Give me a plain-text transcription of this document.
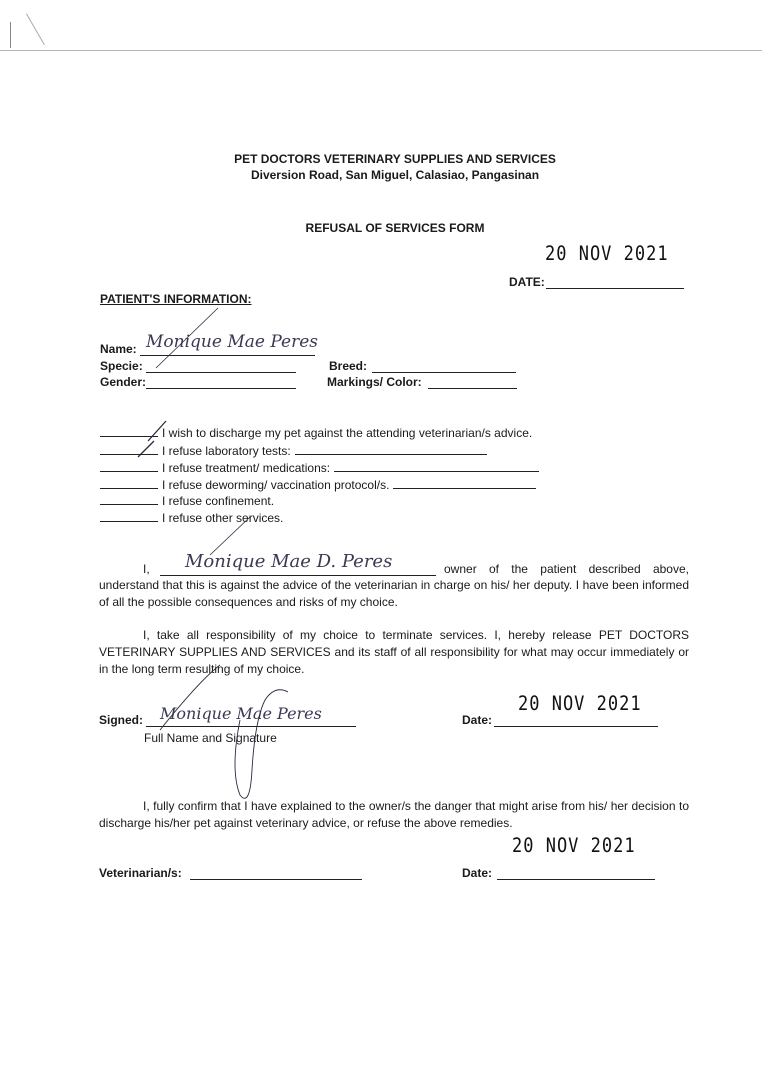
PET DOCTORS VETERINARY SUPPLIES AND SERVICES
Diversion Road, San Miguel, Calasiao, Pangasinan
REFUSAL OF SERVICES FORM
20 NOV 2021
DATE:
PATIENT'S INFORMATION:
Name: Monique Mae Peres
Specie:	Breed:
Gender:	Markings/ Color:
I wish to discharge my pet against the attending veterinarian/s advice.
I refuse laboratory tests:
I refuse treatment/ medications:
I refuse deworming/ vaccination protocol/s.
I refuse confinement.
I refuse other services.
I, Monique Mae D. Peres	owner of the patient described above,
understand that this is against the advice of the veterinarian in charge on his/ her deputy. I have been informed of all the possible consequences and risks of my choice.
I, take all responsibility of my choice to terminate services. I, hereby release PET DOCTORS VETERINARY SUPPLIES AND SERVICES and its staff of all responsibility for what may occur immediately or in the long term resulting of my choice.
Signed: Monique Mae Peres
Full Name and Signature
20 NOV 2021
Date:
I, fully confirm that I have explained to the owner/s the danger that might arise from his/ her decision to discharge his/her pet against veterinary advice, or refuse the above remedies.
20 NOV 2021
Veterinarian/s:	Date:
